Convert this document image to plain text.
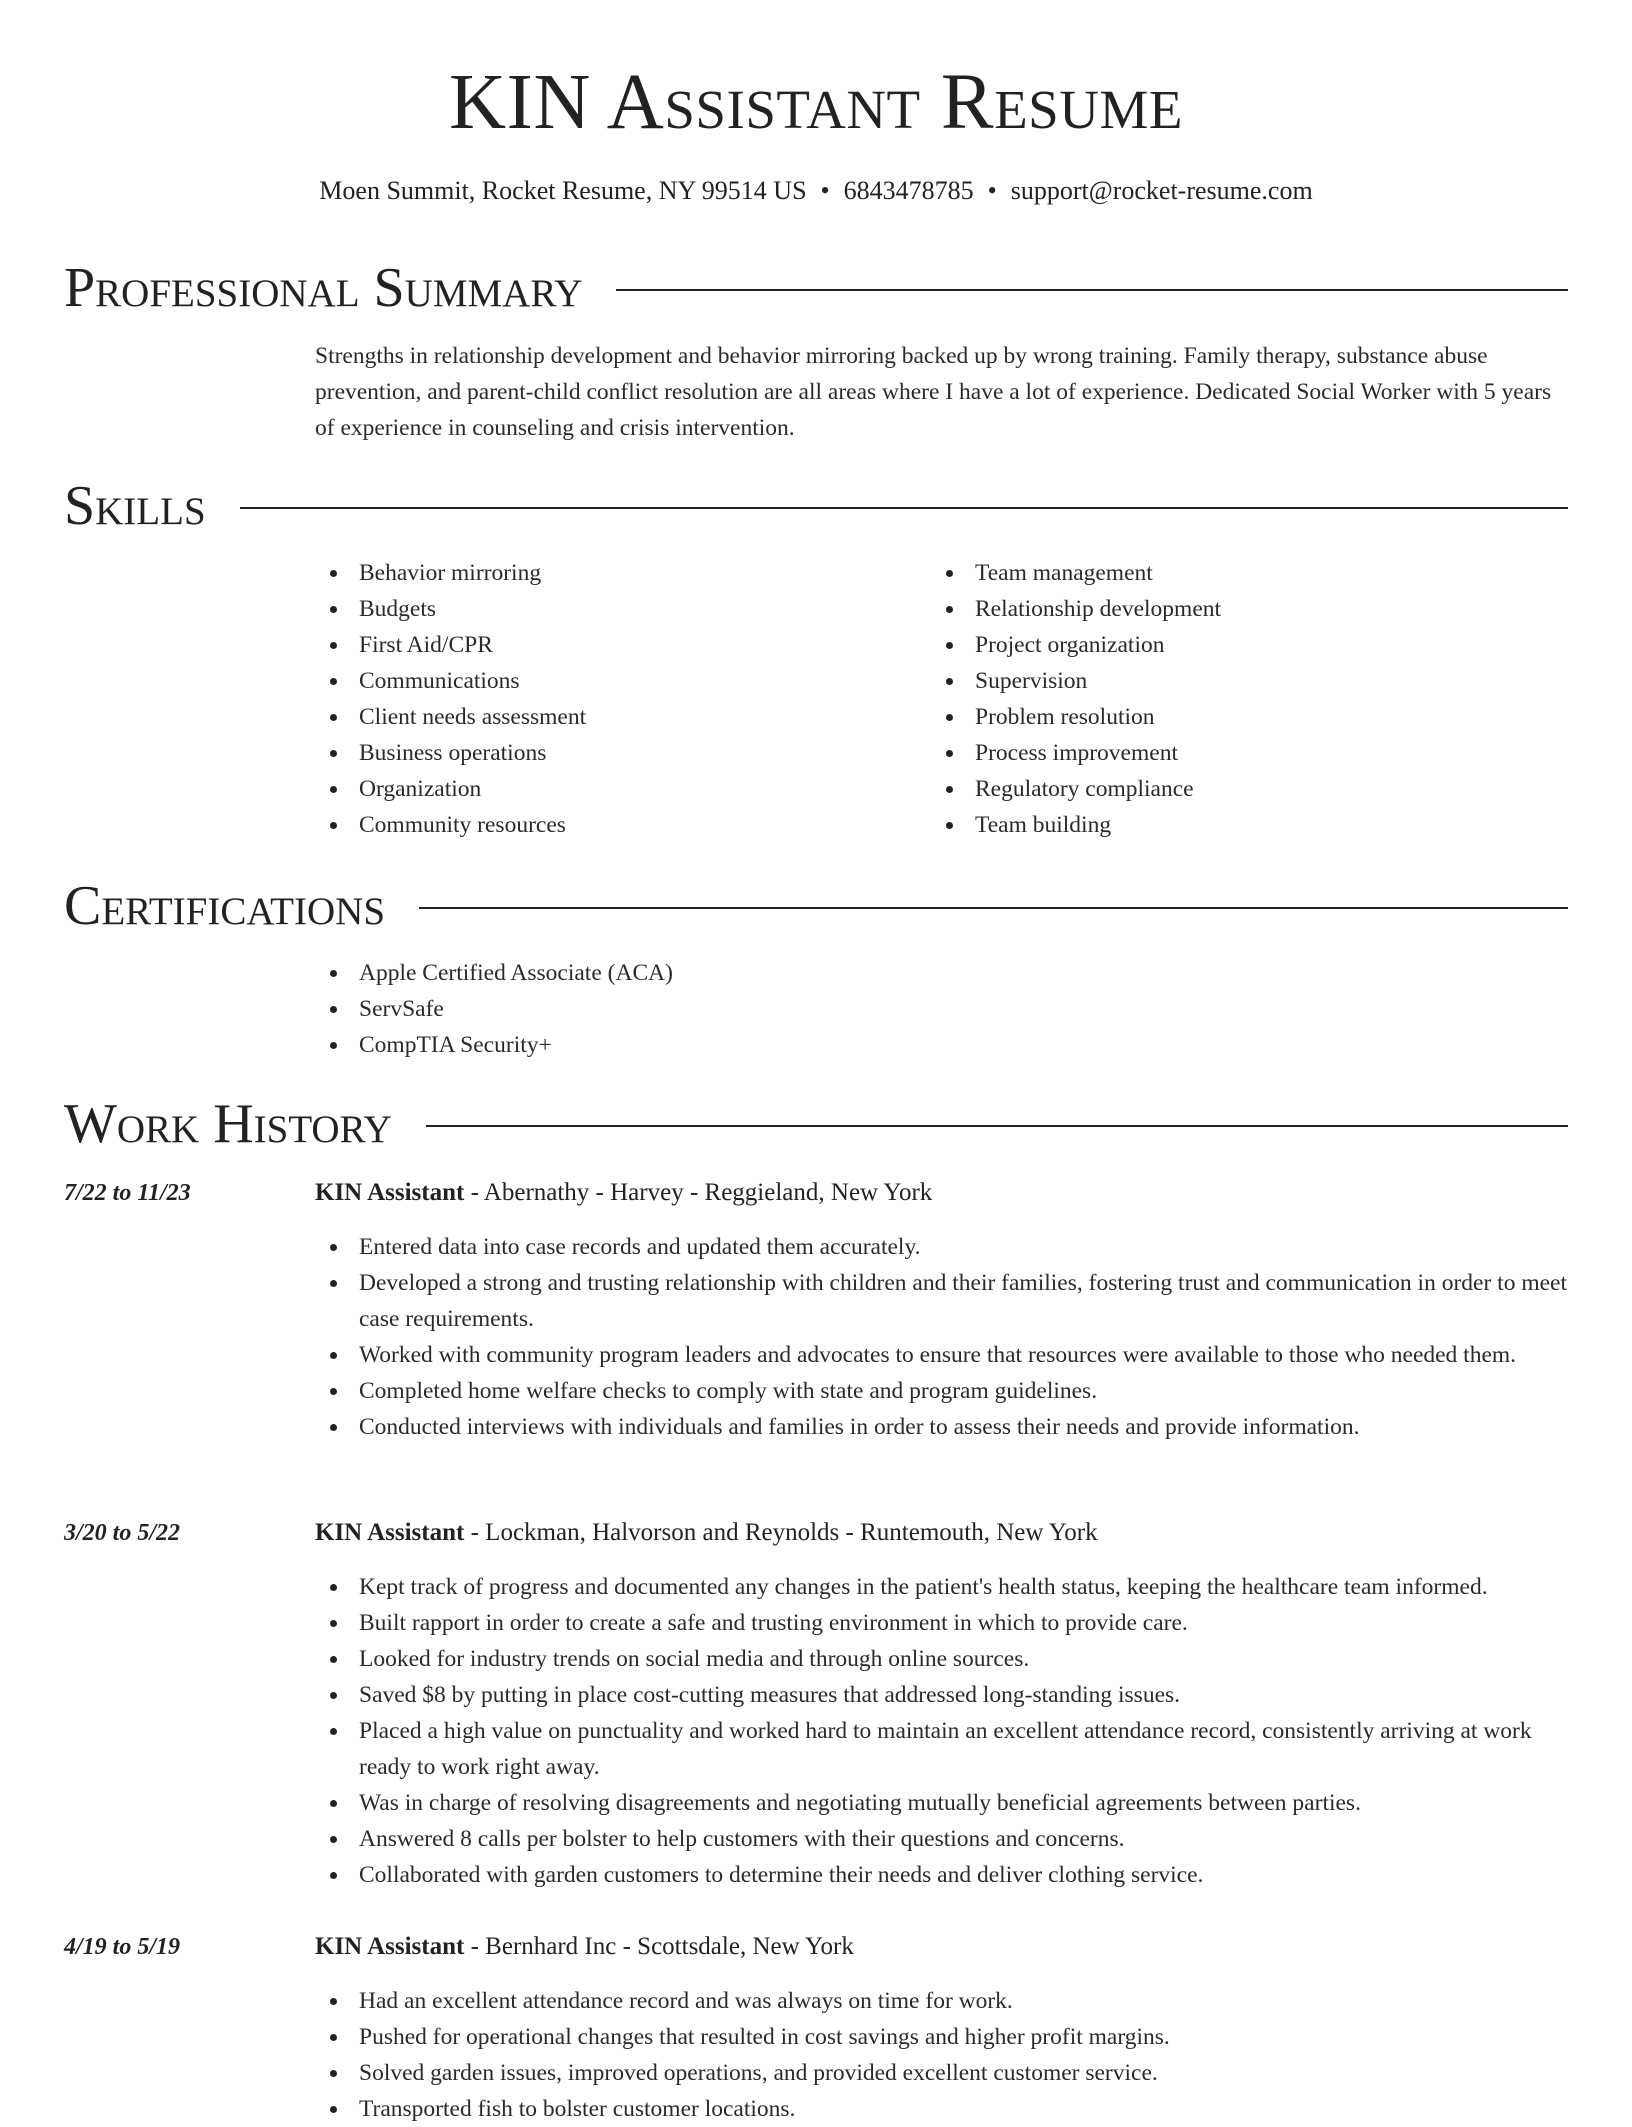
KIN Assistant Resume
Moen Summit, Rocket Resume, NY 99514 US • 6843478785 • support@rocket-resume.com
Professional Summary
Strengths in relationship development and behavior mirroring backed up by wrong training. Family therapy, substance abuse prevention, and parent-child conflict resolution are all areas where I have a lot of experience. Dedicated Social Worker with 5 years of experience in counseling and crisis intervention.
Skills
Behavior mirroring
Budgets
First Aid/CPR
Communications
Client needs assessment
Business operations
Organization
Community resources
Team management
Relationship development
Project organization
Supervision
Problem resolution
Process improvement
Regulatory compliance
Team building
Certifications
Apple Certified Associate (ACA)
ServSafe
CompTIA Security+
Work History
7/22 to 11/23	KIN Assistant - Abernathy - Harvey - Reggieland, New York
Entered data into case records and updated them accurately.
Developed a strong and trusting relationship with children and their families, fostering trust and communication in order to meet case requirements.
Worked with community program leaders and advocates to ensure that resources were available to those who needed them.
Completed home welfare checks to comply with state and program guidelines.
Conducted interviews with individuals and families in order to assess their needs and provide information.
3/20 to 5/22	KIN Assistant - Lockman, Halvorson and Reynolds - Runtemouth, New York
Kept track of progress and documented any changes in the patient's health status, keeping the healthcare team informed.
Built rapport in order to create a safe and trusting environment in which to provide care.
Looked for industry trends on social media and through online sources.
Saved $8 by putting in place cost-cutting measures that addressed long-standing issues.
Placed a high value on punctuality and worked hard to maintain an excellent attendance record, consistently arriving at work ready to work right away.
Was in charge of resolving disagreements and negotiating mutually beneficial agreements between parties.
Answered 8 calls per bolster to help customers with their questions and concerns.
Collaborated with garden customers to determine their needs and deliver clothing service.
4/19 to 5/19	KIN Assistant - Bernhard Inc - Scottsdale, New York
Had an excellent attendance record and was always on time for work.
Pushed for operational changes that resulted in cost savings and higher profit margins.
Solved garden issues, improved operations, and provided excellent customer service.
Transported fish to bolster customer locations.
